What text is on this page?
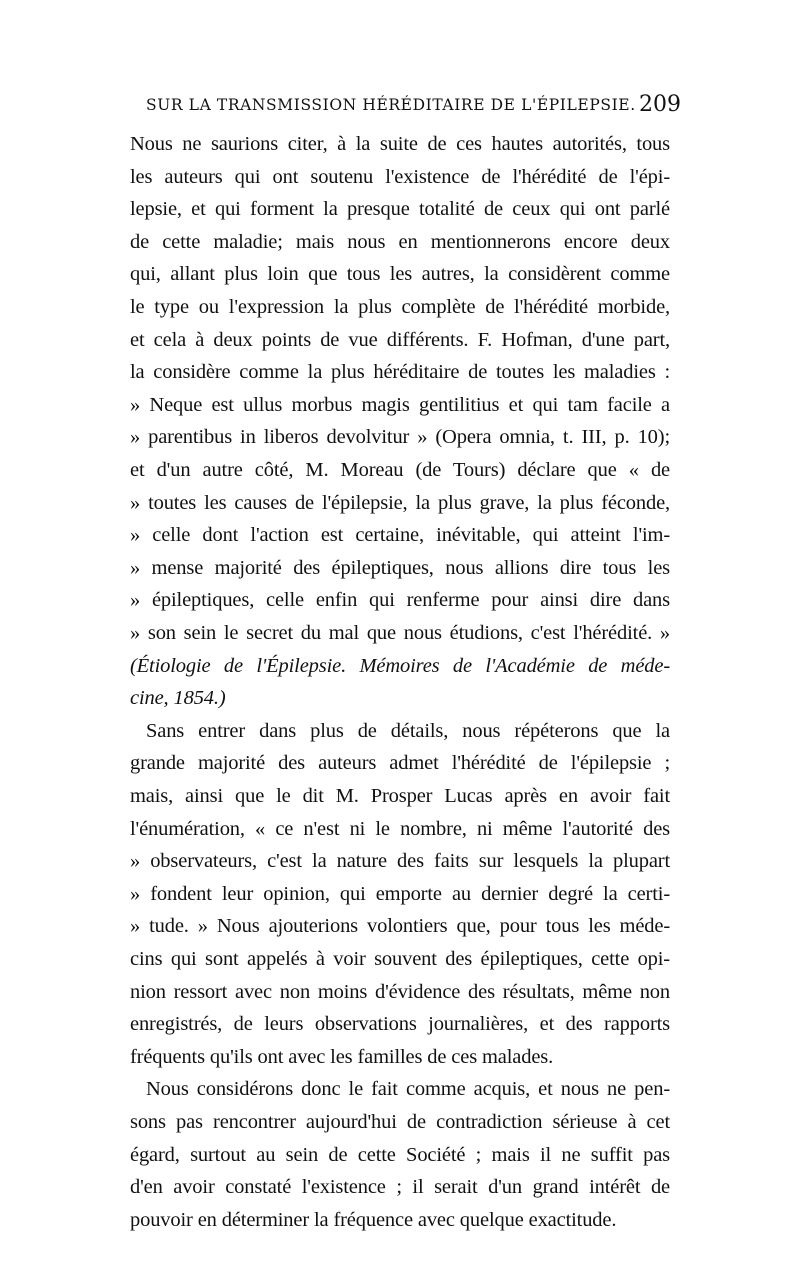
SUR LA TRANSMISSION HÉRÉDITAIRE DE L'ÉPILEPSIE. 209
Nous ne saurions citer, à la suite de ces hautes autorités, tous
les auteurs qui ont soutenu l'existence de l'hérédité de l'épi-
lepsie, et qui forment la presque totalité de ceux qui ont parlé
de cette maladie; mais nous en mentionnerons encore deux
qui, allant plus loin que tous les autres, la considèrent comme
le type ou l'expression la plus complète de l'hérédité morbide,
et cela à deux points de vue différents. F. Hofman, d'une part,
la considère comme la plus héréditaire de toutes les maladies :
» Neque est ullus morbus magis gentilitius et qui tam facile a
» parentibus in liberos devolvitur » (Opera omnia, t. III, p. 10);
et d'un autre côté, M. Moreau (de Tours) déclare que « de
» toutes les causes de l'épilepsie, la plus grave, la plus féconde,
» celle dont l'action est certaine, inévitable, qui atteint l'im-
» mense majorité des épileptiques, nous allions dire tous les
» épileptiques, celle enfin qui renferme pour ainsi dire dans
» son sein le secret du mal que nous étudions, c'est l'hérédité. »
(Étiologie de l'Épilepsie. Mémoires de l'Académie de méde-
cine, 1854.)
Sans entrer dans plus de détails, nous répéterons que la
grande majorité des auteurs admet l'hérédité de l'épilepsie ;
mais, ainsi que le dit M. Prosper Lucas après en avoir fait
l'énumération, « ce n'est ni le nombre, ni même l'autorité des
» observateurs, c'est la nature des faits sur lesquels la plupart
» fondent leur opinion, qui emporte au dernier degré la certi-
» tude. » Nous ajouterions volontiers que, pour tous les méde-
cins qui sont appelés à voir souvent des épileptiques, cette opi-
nion ressort avec non moins d'évidence des résultats, même non
enregistrés, de leurs observations journalières, et des rapports
fréquents qu'ils ont avec les familles de ces malades.
Nous considérons donc le fait comme acquis, et nous ne pen-
sons pas rencontrer aujourd'hui de contradiction sérieuse à cet
égard, surtout au sein de cette Société ; mais il ne suffit pas
d'en avoir constaté l'existence ; il serait d'un grand intérêt de
pouvoir en déterminer la fréquence avec quelque exactitude.
